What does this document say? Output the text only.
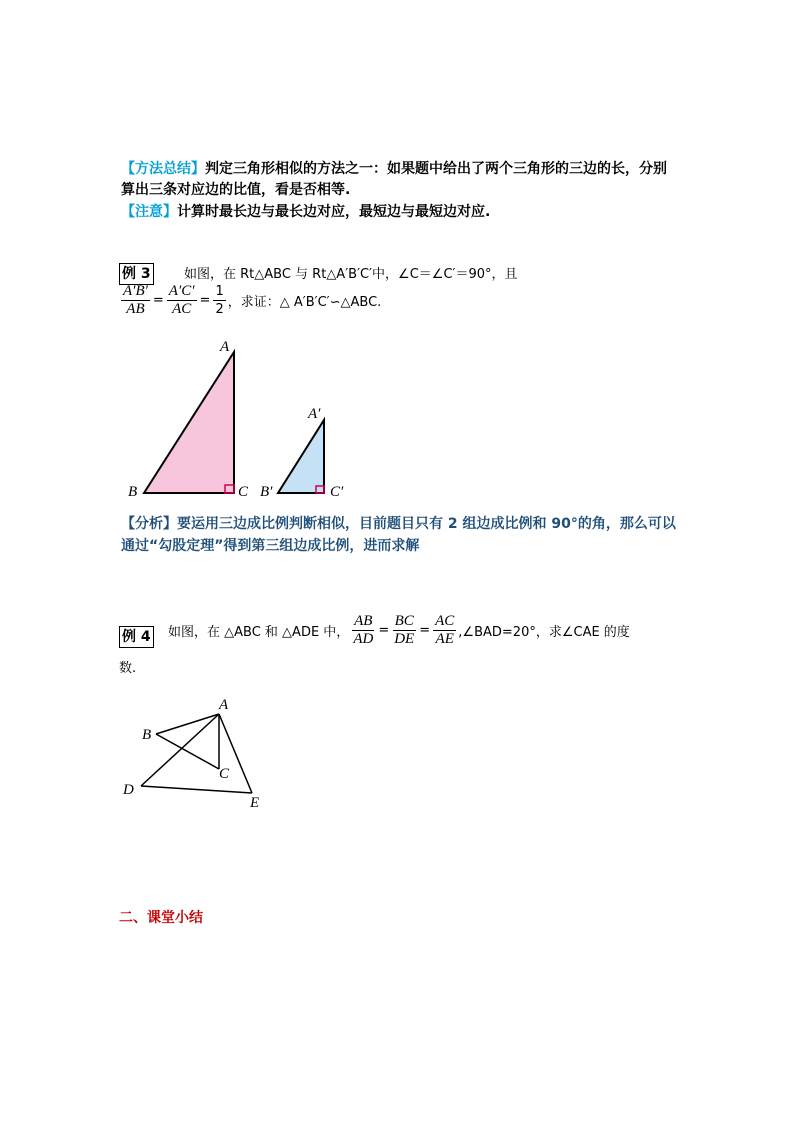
【方法总结】判定三角形相似的方法之一：如果题中给出了两个三角形的三边的长，分别
算出三条对应边的比值，看是否相等.
【注意】计算时最长边与最长边对应，最短边与最短边对应.
例 3	如图，在 Rt△ABC 与 Rt△A′B′C′中，∠C＝∠C′＝90°，且
$\frac{A'B'}{AB} = \frac{A'C'}{AC} = \frac{1}{2}$ ，求证：△ A′B′C′∽△ABC.
A
B	C
A′
B′	C′
【分析】要运用三边成比例判断相似，目前题目只有 2 组边成比例和 90°的角，那么可以
通过“勾股定理”得到第三组边成比例，进而求解
例 4 如图，在 △ABC 和 △ADE 中， $\frac{AB}{AD} = \frac{BC}{DE} = \frac{AC}{AE}$ ,∠BAD=20°，求∠CAE 的度
数.
A
B
C
D
E
二、课堂小结
